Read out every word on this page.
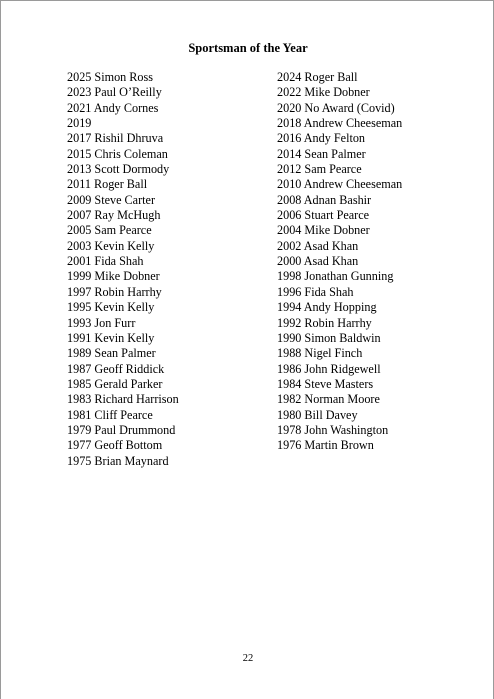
Sportsman of the Year
2025 Simon Ross
2023 Paul O’Reilly
2021 Andy Cornes
2019
2017 Rishil Dhruva
2015 Chris Coleman
2013 Scott Dormody
2011 Roger Ball
2009 Steve Carter
2007 Ray McHugh
2005 Sam Pearce
2003 Kevin Kelly
2001 Fida Shah
1999 Mike Dobner
1997 Robin Harrhy
1995 Kevin Kelly
1993 Jon Furr
1991 Kevin Kelly
1989 Sean Palmer
1987 Geoff Riddick
1985 Gerald Parker
1983 Richard Harrison
1981 Cliff Pearce
1979 Paul Drummond
1977 Geoff Bottom
1975 Brian Maynard
2024 Roger Ball
2022 Mike Dobner
2020 No Award (Covid)
2018 Andrew Cheeseman
2016 Andy Felton
2014 Sean Palmer
2012 Sam Pearce
2010 Andrew Cheeseman
2008 Adnan Bashir
2006 Stuart Pearce
2004 Mike Dobner
2002 Asad Khan
2000 Asad Khan
1998 Jonathan Gunning
1996 Fida Shah
1994 Andy Hopping
1992 Robin Harrhy
1990 Simon Baldwin
1988 Nigel Finch
1986 John Ridgewell
1984 Steve Masters
1982 Norman Moore
1980 Bill Davey
1978 John Washington
1976 Martin Brown
22
